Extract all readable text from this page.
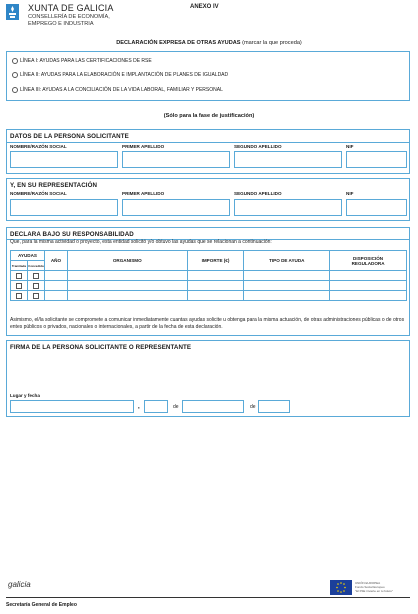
XUNTA DE GALICIA
CONSELLERÍA DE ECONOMÍA,
EMPREGO E INDUSTRIA
ANEXO IV
DECLARACIÓN EXPRESA DE OTRAS AYUDAS (marcar la que proceda)
LÍNEA I: AYUDAS PARA LAS CERTIFICACIONES DE RSE
LÍNEA II: AYUDAS PARA LA ELABORACIÓN E IMPLANTACIÓN DE PLANES DE IGUALDAD
LÍNEA III: AYUDAS A LA CONCILIACIÓN DE LA VIDA LABORAL, FAMILIAR Y PERSONAL
(Sólo para la fase de justificación)
DATOS DE LA PERSONA SOLICITANTE
NOMBRE/RAZÓN SOCIAL	PRIMER APELLIDO	SEGUNDO APELLIDO	NIF
Y, EN SU REPRESENTACIÓN
NOMBRE/RAZÓN SOCIAL	PRIMER APELLIDO	SEGUNDO APELLIDO	NIF
DECLARA BAJO SU RESPONSABILIDAD
Que, para la misma actividad o proyecto, esta entidad solicitó y/o obtuvo las ayudas que se relacionan a continuación:
AYUDAS		AÑO	ORGANISMO	IMPORTE (€)	TIPO DE AYUDA	DISPOSICIÓN
REGULADORA

Tramitada	Concedida					

Asimismo, el/la solicitante se compromete a comunicar inmediatamente cuantas ayudas solicite u obtenga para la misma actuación, de otras administraciones públicas o de otros entes públicos o privados, nacionales o internacionales, a partir de la fecha de esta declaración.
FIRMA DE LA PERSONA SOLICITANTE O REPRESENTANTE
Lugar y fecha
,	de	de
galicia	UNIÓN EUROPEA
Fondo Social Europeo
"El FSE invierte en tu futuro"
Secretaría General de Empleo
